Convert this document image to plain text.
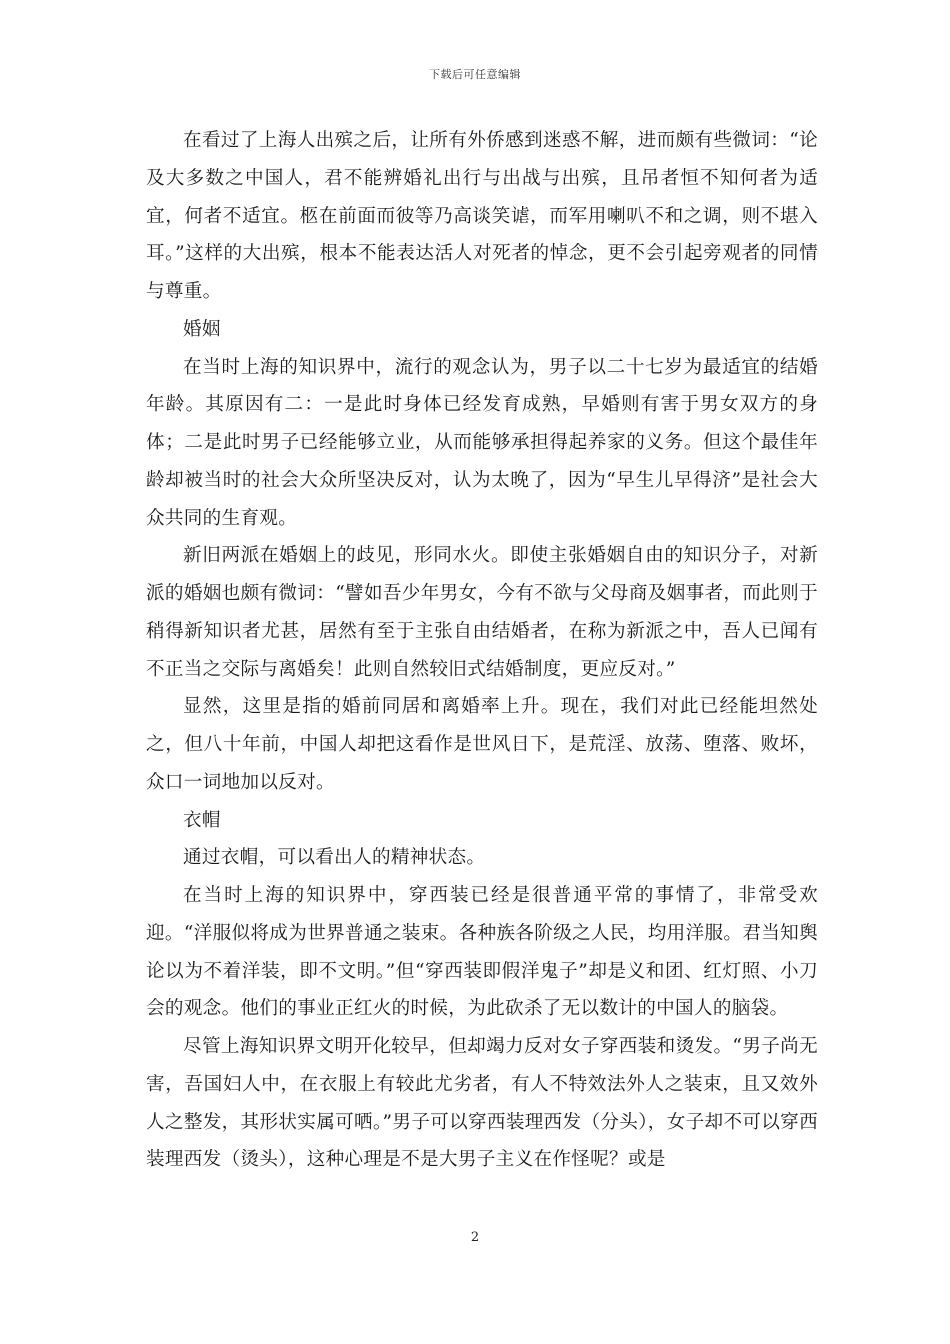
下载后可任意编辑

在看过了上海人出殡之后，让所有外侨感到迷惑不解，进而颇有些微词：“论及大多数之中国人，君不能辨婚礼出行与出战与出殡，且吊者恒不知何者为适宜，何者不适宜。柩在前面而彼等乃高谈笑谑，而军用喇叭不和之调，则不堪入耳。”这样的大出殡，根本不能表达活人对死者的悼念，更不会引起旁观者的同情与尊重。

婚姻

在当时上海的知识界中，流行的观念认为，男子以二十七岁为最适宜的结婚年龄。其原因有二：一是此时身体已经发育成熟，早婚则有害于男女双方的身体；二是此时男子已经能够立业，从而能够承担得起养家的义务。但这个最佳年龄却被当时的社会大众所坚决反对，认为太晚了，因为“早生儿早得济”是社会大众共同的生育观。

新旧两派在婚姻上的歧见，形同水火。即使主张婚姻自由的知识分子，对新派的婚姻也颇有微词：“譬如吾少年男女，今有不欲与父母商及姻事者，而此则于稍得新知识者尤甚，居然有至于主张自由结婚者，在称为新派之中，吾人已闻有不正当之交际与离婚矣！此则自然较旧式结婚制度，更应反对。”

显然，这里是指的婚前同居和离婚率上升。现在，我们对此已经能坦然处之，但八十年前，中国人却把这看作是世风日下，是荒淫、放荡、堕落、败坏，众口一词地加以反对。

衣帽

通过衣帽，可以看出人的精神状态。

在当时上海的知识界中，穿西装已经是很普通平常的事情了，非常受欢迎。“洋服似将成为世界普通之装束。各种族各阶级之人民，均用洋服。君当知舆论以为不着洋装，即不文明。”但“穿西装即假洋鬼子”却是义和团、红灯照、小刀会的观念。他们的事业正红火的时候，为此砍杀了无以数计的中国人的脑袋。

尽管上海知识界文明开化较早，但却竭力反对女子穿西装和烫发。“男子尚无害，吾国妇人中，在衣服上有较此尤劣者，有人不特效法外人之装束，且又效外人之整发，其形状实属可哂。”男子可以穿西装理西发（分头），女子却不可以穿西装理西发（烫头），这种心理是不是大男子主义在作怪呢？或是

2
